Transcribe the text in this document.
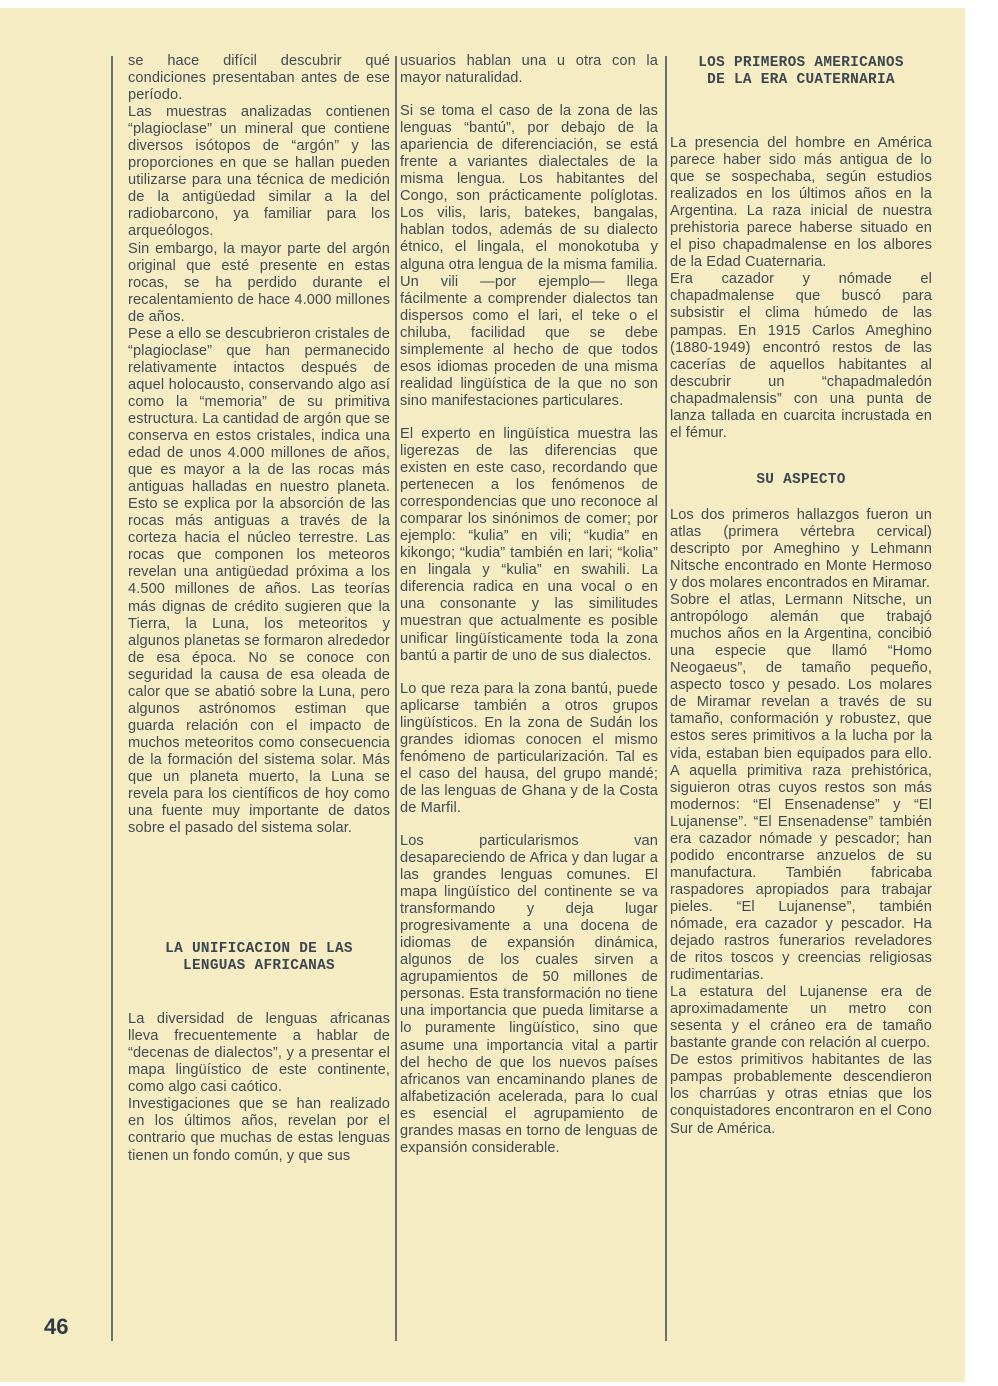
se hace difícil descubrir qué condiciones presentaban antes de ese período.

Las muestras analizadas contienen “plagioclase” un mineral que contiene diversos isótopos de “argón” y las proporciones en que se hallan pueden utilizarse para una técnica de medición de la antigüedad similar a la del radiobarcono, ya familiar para los arqueólogos.

Sin embargo, la mayor parte del argón original que esté presente en estas rocas, se ha perdido durante el recalentamiento de hace 4.000 millones de años.

Pese a ello se descubrieron cristales de “plagioclase” que han permanecido relativamente intactos después de aquel holocausto, conservando algo así como la “memoria” de su primitiva estructura. La cantidad de argón que se conserva en estos cristales, indica una edad de unos 4.000 millones de años, que es mayor a la de las rocas más antiguas halladas en nuestro planeta. Esto se explica por la absorción de las rocas más antiguas a través de la corteza hacia el núcleo terrestre. Las rocas que componen los meteoros revelan una antigüedad próxima a los 4.500 millones de años. Las teorías más dignas de crédito sugieren que la Tierra, la Luna, los meteoritos y algunos planetas se formaron alrededor de esa época. No se conoce con seguridad la causa de esa oleada de calor que se abatió sobre la Luna, pero algunos astrónomos estiman que guarda relación con el impacto de muchos meteoritos como consecuencia de la formación del sistema solar. Más que un planeta muerto, la Luna se revela para los científicos de hoy como una fuente muy importante de datos sobre el pasado del sistema solar.

LA UNIFICACION DE LAS
LENGUAS AFRICANAS

La diversidad de lenguas africanas lleva frecuentemente a hablar de “decenas de dialectos”, y a presentar el mapa lingüístico de este continente, como algo casi caótico.

Investigaciones que se han realizado en los últimos años, revelan por el contrario que muchas de estas lenguas tienen un fondo común, y que sus

usuarios hablan una u otra con la mayor naturalidad.

Si se toma el caso de la zona de las lenguas “bantú”, por debajo de la apariencia de diferenciación, se está frente a variantes dialectales de la misma lengua. Los habitantes del Congo, son prácticamente políglotas. Los vilis, laris, batekes, bangalas, hablan todos, además de su dialecto étnico, el lingala, el monokotuba y alguna otra lengua de la misma familia. Un vili —por ejemplo— llega fácilmente a comprender dialectos tan dispersos como el lari, el teke o el chiluba, facilidad que se debe simplemente al hecho de que todos esos idiomas proceden de una misma realidad lingüística de la que no son sino manifestaciones particulares.

El experto en lingüística muestra las ligerezas de las diferencias que existen en este caso, recordando que pertenecen a los fenómenos de correspondencias que uno reconoce al comparar los sinónimos de comer; por ejemplo: “kulia” en vili; “kudia” en kikongo; “kudia” también en lari; “kolia” en lingala y “kulia” en swahili. La diferencia radica en una vocal o en una consonante y las similitudes muestran que actualmente es posible unificar lingüísticamente toda la zona bantú a partir de uno de sus dialectos.

Lo que reza para la zona bantú, puede aplicarse también a otros grupos lingüísticos. En la zona de Sudán los grandes idiomas conocen el mismo fenómeno de particularización. Tal es el caso del hausa, del grupo mandé; de las lenguas de Ghana y de la Costa de Marfil.

Los particularismos van desapareciendo de Africa y dan lugar a las grandes lenguas comunes. El mapa lingüístico del continente se va transformando y deja lugar progresivamente a una docena de idiomas de expansión dinámica, algunos de los cuales sirven a agrupamientos de 50 millones de personas. Esta transformación no tiene una importancia que pueda limitarse a lo puramente lingüístico, sino que asume una importancia vital a partir del hecho de que los nuevos países africanos van encaminando planes de alfabetización acelerada, para lo cual es esencial el agrupamiento de grandes masas en torno de lenguas de expansión considerable.

LOS PRIMEROS AMERICANOS
DE LA ERA CUATERNARIA

La presencia del hombre en América parece haber sido más antigua de lo que se sospechaba, según estudios realizados en los últimos años en la Argentina. La raza inicial de nuestra prehistoria parece haberse situado en el piso chapadmalense en los albores de la Edad Cuaternaria.

Era cazador y nómade el chapadmalense que buscó para subsistir el clima húmedo de las pampas. En 1915 Carlos Ameghino (1880-1949) encontró restos de las cacerías de aquellos habitantes al descubrir un “chapadmaledón chapadmalensis” con una punta de lanza tallada en cuarcita incrustada en el fémur.

SU ASPECTO

Los dos primeros hallazgos fueron un atlas (primera vértebra cervical) descripto por Ameghino y Lehmann Nitsche encontrado en Monte Hermoso y dos molares encontrados en Miramar.

Sobre el atlas, Lermann Nitsche, un antropólogo alemán que trabajó muchos años en la Argentina, concibió una especie que llamó “Homo Neogaeus”, de tamaño pequeño, aspecto tosco y pesado. Los molares de Miramar revelan a través de su tamaño, conformación y robustez, que estos seres primitivos a la lucha por la vida, estaban bien equipados para ello. A aquella primitiva raza prehistórica, siguieron otras cuyos restos son más modernos: “El Ensenadense” y “El Lujanense”. “El Ensenadense” también era cazador nómade y pescador; han podido encontrarse anzuelos de su manufactura. También fabricaba raspadores apropiados para trabajar pieles. “El Lujanense”, también nómade, era cazador y pescador. Ha dejado rastros funerarios reveladores de ritos toscos y creencias religiosas rudimentarias.

La estatura del Lujanense era de aproximadamente un metro con sesenta y el cráneo era de tamaño bastante grande con relación al cuerpo.

De estos primitivos habitantes de las pampas probablemente descendieron los charrúas y otras etnias que los conquistadores encontraron en el Cono Sur de América.

46
